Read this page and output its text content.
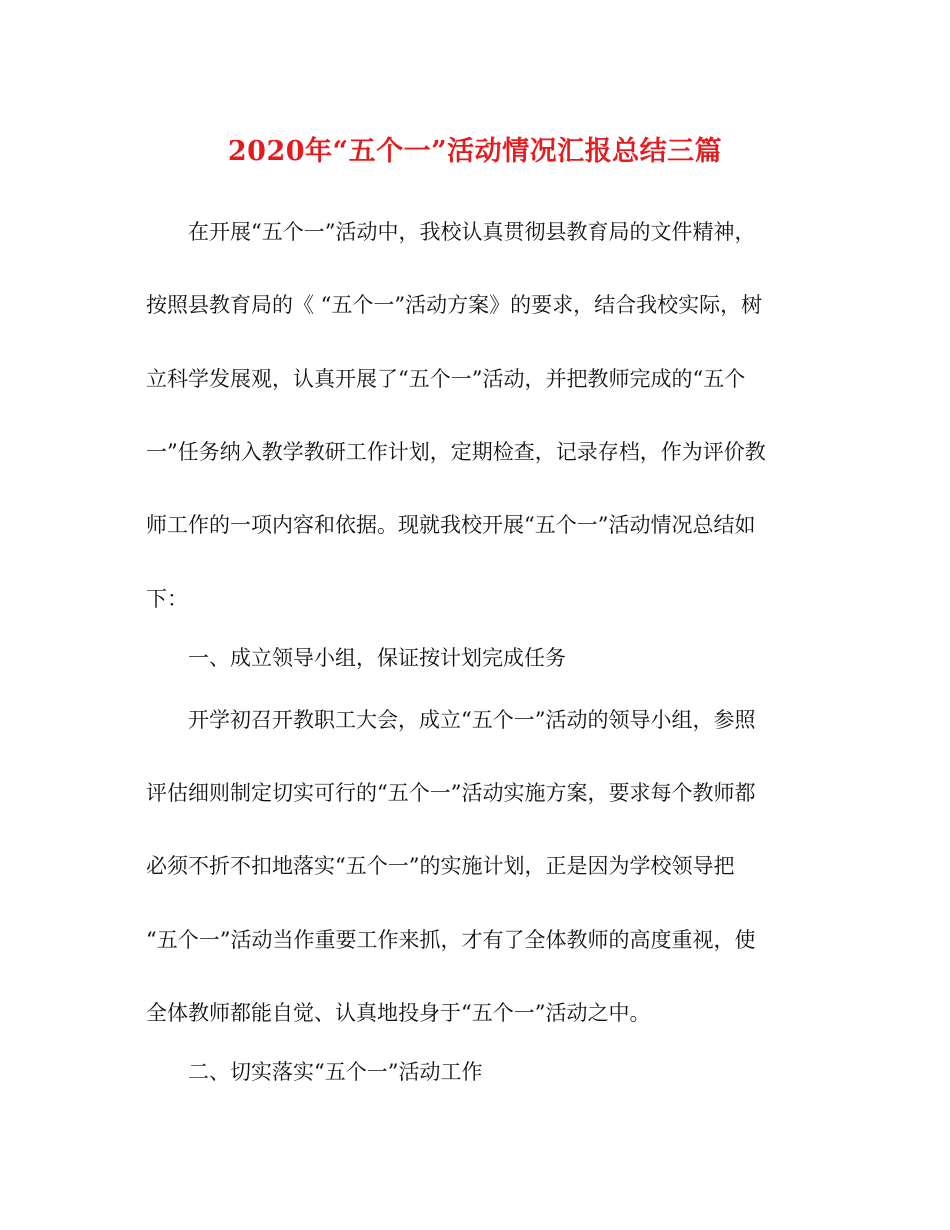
2020年“五个一”活动情况汇报总结三篇
在开展“五个一”活动中，我校认真贯彻县教育局的文件精神，
按照县教育局的《 “五个一”活动方案》的要求，结合我校实际，树
立科学发展观，认真开展了“五个一”活动，并把教师完成的“五个
一”任务纳入教学教研工作计划，定期检查，记录存档，作为评价教
师工作的一项内容和依据。现就我校开展“五个一”活动情况总结如
下：
一、成立领导小组，保证按计划完成任务
开学初召开教职工大会，成立“五个一”活动的领导小组，参照
评估细则制定切实可行的“五个一”活动实施方案，要求每个教师都
必须不折不扣地落实“五个一”的实施计划，正是因为学校领导把
“五个一”活动当作重要工作来抓，才有了全体教师的高度重视，使
全体教师都能自觉、认真地投身于“五个一”活动之中。
二、切实落实“五个一”活动工作
